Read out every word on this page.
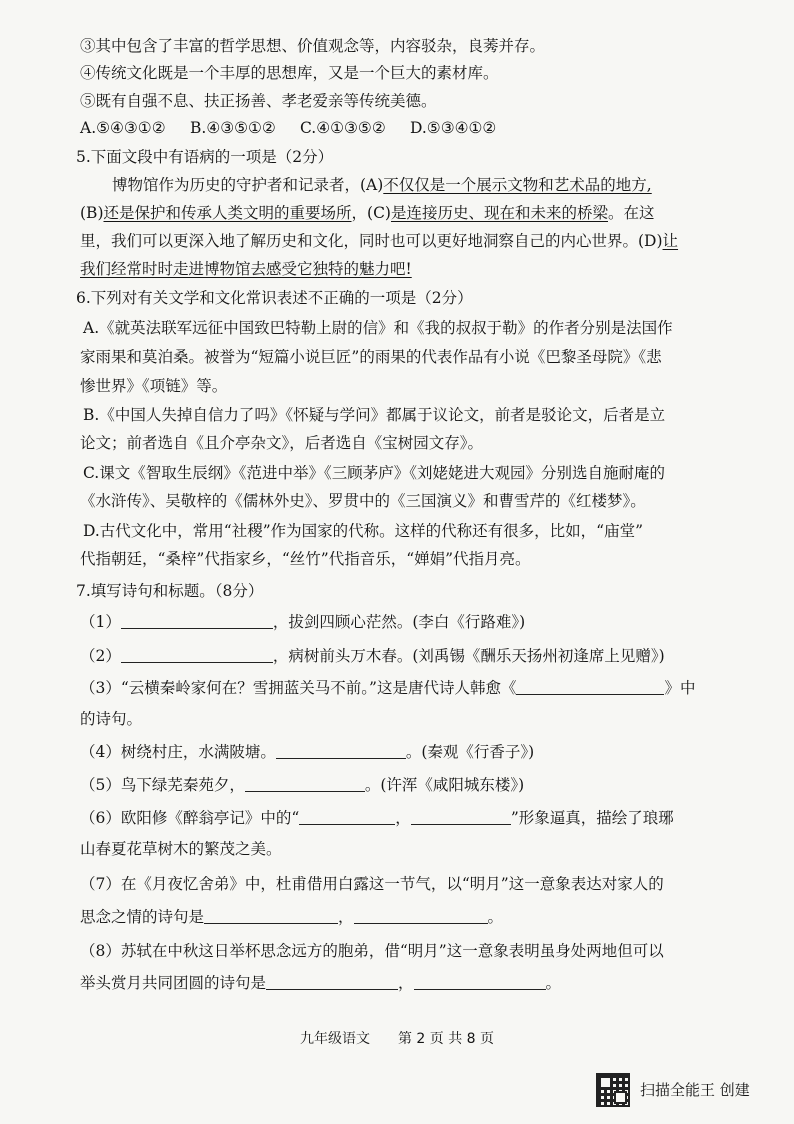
③其中包含了丰富的哲学思想、价值观念等，内容驳杂，良莠并存。
④传统文化既是一个丰厚的思想库，又是一个巨大的素材库。
⑤既有自强不息、扶正扬善、孝老爱亲等传统美德。
A.⑤④③①② B.④③⑤①② C.④①③⑤② D.⑤③④①②
5.下面文段中有语病的一项是（2分）
博物馆作为历史的守护者和记录者，(A)不仅仅是一个展示文物和艺术品的地方,
(B)还是保护和传承人类文明的重要场所，(C)是连接历史、现在和未来的桥梁。在这
里，我们可以更深入地了解历史和文化，同时也可以更好地洞察自己的内心世界。(D)让
我们经常时时走进博物馆去感受它独特的魅力吧!
6.下列对有关文学和文化常识表述不正确的一项是（2分）
A.《就英法联军远征中国致巴特勒上尉的信》和《我的叔叔于勒》的作者分别是法国作
家雨果和莫泊桑。被誉为“短篇小说巨匠”的雨果的代表作品有小说《巴黎圣母院》《悲
惨世界》《项链》等。
B.《中国人失掉自信力了吗》《怀疑与学问》都属于议论文，前者是驳论文，后者是立
论文；前者选自《且介亭杂文》，后者选自《宝树园文存》。
C.课文《智取生辰纲》《范进中举》《三顾茅庐》《刘姥姥进大观园》分别选自施耐庵的
《水浒传》、吴敬梓的《儒林外史》、罗贯中的《三国演义》和曹雪芹的《红楼梦》。
D.古代文化中，常用“社稷”作为国家的代称。这样的代称还有很多，比如，“庙堂”
代指朝廷，“桑梓”代指家乡，“丝竹”代指音乐，“婵娟”代指月亮。
7.填写诗句和标题。（8分）
（1）	，拔剑四顾心茫然。(李白《行路难》)
（2）	，病树前头万木春。(刘禹锡《酬乐天扬州初逢席上见赠》)
（3）“云横秦岭家何在？雪拥蓝关马不前。”这是唐代诗人韩愈《	》中
的诗句。
（4）树绕村庄，水满陂塘。	。(秦观《行香子》)
（5）鸟下绿芜秦苑夕，	。(许浑《咸阳城东楼》)
（6）欧阳修《醉翁亭记》中的“	，	”形象逼真，描绘了琅琊
山春夏花草树木的繁茂之美。
（7）在《月夜忆舍弟》中，杜甫借用白露这一节气，以“明月”这一意象表达对家人的
思念之情的诗句是	，	。
（8）苏轼在中秋这日举杯思念远方的胞弟，借“明月”这一意象表明虽身处两地但可以
举头赏月共同团圆的诗句是	，	。
九年级语文 第 2 页 共 8 页
扫描全能王 创建
